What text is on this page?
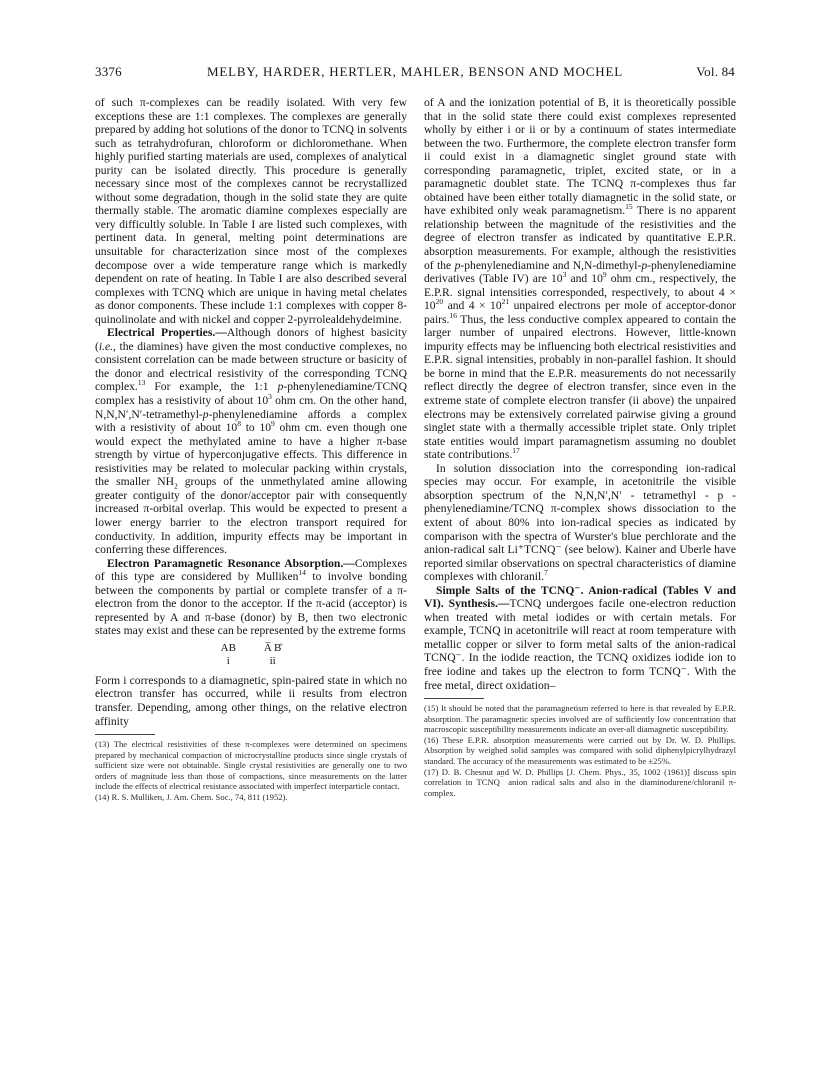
3376	MELBY, HARDER, HERTLER, MAHLER, BENSON AND MOCHEL	Vol. 84

of such π-complexes can be readily isolated. With very few exceptions these are 1:1 complexes. The complexes are generally prepared by adding hot solutions of the donor to TCNQ in solvents such as tetrahydrofuran, chloroform or dichloromethane. When highly purified starting materials are used, complexes of analytical purity can be isolated directly. This procedure is generally necessary since most of the complexes cannot be recrystallized without some degradation, though in the solid state they are quite thermally stable. The aromatic diamine complexes especially are very difficultly soluble. In Table I are listed such complexes, with pertinent data. In general, melting point determinations are unsuitable for characterization since most of the complexes decompose over a wide temperature range which is markedly dependent on rate of heating. In Table I are also described several complexes with TCNQ which are unique in having metal chelates as donor components. These include 1:1 complexes with copper 8-quinolinolate and with nickel and copper 2-pyrrolealdehydeimine.

Electrical Properties.—Although donors of highest basicity (i.e., the diamines) have given the most conductive complexes, no consistent correlation can be made between structure or basicity of the donor and electrical resistivity of the corresponding TCNQ complex.$^{13}$ For example, the 1:1 p-phenylenediamine/TCNQ complex has a resistivity of about $10^3$ ohm cm. On the other hand, N,N,N′,N′-tetramethyl-p-phenylenediamine affords a complex with a resistivity of about $10^8$ to $10^9$ ohm cm. even though one would expect the methylated amine to have a higher π-base strength by virtue of hyperconjugative effects. This difference in resistivities may be related to molecular packing within crystals, the smaller $NH_2$ groups of the unmethylated amine allowing greater contiguity of the donor/acceptor pair with consequently increased π-orbital overlap. This would be expected to present a lower energy barrier to the electron transport required for conductivity. In addition, impurity effects may be important in conferring these differences.

Electron Paramagnetic Resonance Absorption.—Complexes of this type are considered by Mulliken$^{14}$ to involve bonding between the components by partial or complete transfer of a π-electron from the donor to the acceptor. If the π-acid (acceptor) is represented by A and π-base (donor) by B, then two electronic states may exist and these can be represented by the extreme forms

AB
i
A̅ B̊
ii

Form i corresponds to a diamagnetic, spin-paired state in which no electron transfer has occurred, while ii results from electron transfer. Depending, among other things, on the relative electron affinity

(13) The electrical resistivities of these π-complexes were determined on specimens prepared by mechanical compaction of microcrystalline products since single crystals of sufficient size were not obtainable. Single crystal resistivities are generally one to two orders of magnitude less than those of compactions, since measurements on the latter include the effects of electrical resistance associated with imperfect interparticle contact.

(14) R. S. Mulliken, J. Am. Chem. Soc., 74, 811 (1952).

of A and the ionization potential of B, it is theoretically possible that in the solid state there could exist complexes represented wholly by either i or ii or by a continuum of states intermediate between the two. Furthermore, the complete electron transfer form ii could exist in a diamagnetic singlet ground state with corresponding paramagnetic, triplet, excited state, or in a paramagnetic doublet state. The TCNQ π-complexes thus far obtained have been either totally diamagnetic in the solid state, or have exhibited only weak paramagnetism.$^{15}$ There is no apparent relationship between the magnitude of the resistivities and the degree of electron transfer as indicated by quantitative E.P.R. absorption measurements. For example, although the resistivities of the p-phenylenediamine and N,N-dimethyl-p-phenylenediamine derivatives (Table IV) are $10^3$ and $10^9$ ohm cm., respectively, the E.P.R. signal intensities corresponded, respectively, to about $4 \times 10^{20}$ and $4 \times 10^{21}$ unpaired electrons per mole of acceptor-donor pairs.$^{16}$ Thus, the less conductive complex appeared to contain the larger number of unpaired electrons. However, little-known impurity effects may be influencing both electrical resistivities and E.P.R. signal intensities, probably in non-parallel fashion. It should be borne in mind that the E.P.R. measurements do not necessarily reflect directly the degree of electron transfer, since even in the extreme state of complete electron transfer (ii above) the unpaired electrons may be extensively correlated pairwise giving a ground singlet state with a thermally accessible triplet state. Only triplet state entities would impart paramagnetism assuming no doublet state contributions.$^{17}$

In solution dissociation into the corresponding ion-radical species may occur. For example, in acetonitrile the visible absorption spectrum of the N,N,N′,N′ - tetramethyl - p - phenylenediamine/TCNQ π-complex shows dissociation to the extent of about 80% into ion-radical species as indicated by comparison with the spectra of Wurster's blue perchlorate and the anion-radical salt Li⁺TCNQ⁻ (see below). Kainer and Uberle have reported similar observations on spectral characteristics of diamine complexes with chloranil.$^7$

Simple Salts of the TCNQ⁻. Anion-radical (Tables V and VI). Synthesis.—TCNQ undergoes facile one-electron reduction when treated with metal iodides or with certain metals. For example, TCNQ in acetonitrile will react at room temperature with metallic copper or silver to form metal salts of the anion-radical TCNQ⁻. In the iodide reaction, the TCNQ oxidizes iodide ion to free iodine and takes up the electron to form TCNQ⁻. With the free metal, direct oxidation–

(15) It should be noted that the paramagnetism referred to here is that revealed by E.P.R. absorption. The paramagnetic species involved are of sufficiently low concentration that macroscopic susceptibility measurements indicate an over-all diamagnetic susceptibility.

(16) These E.P.R. absorption measurements were carried out by Dr. W. D. Phillips. Absorption by weighed solid samples was compared with solid diphenylpicrylhydrazyl standard. The accuracy of the measurements was estimated to be ±25%.

(17) D. B. Chesnut and W. D. Phillips [J. Chem. Phys., 35, 1002 (1961)] discuss spin correlation in TCNQ⁻ anion radical salts and also in the diaminodurene/chloranil π-complex.
